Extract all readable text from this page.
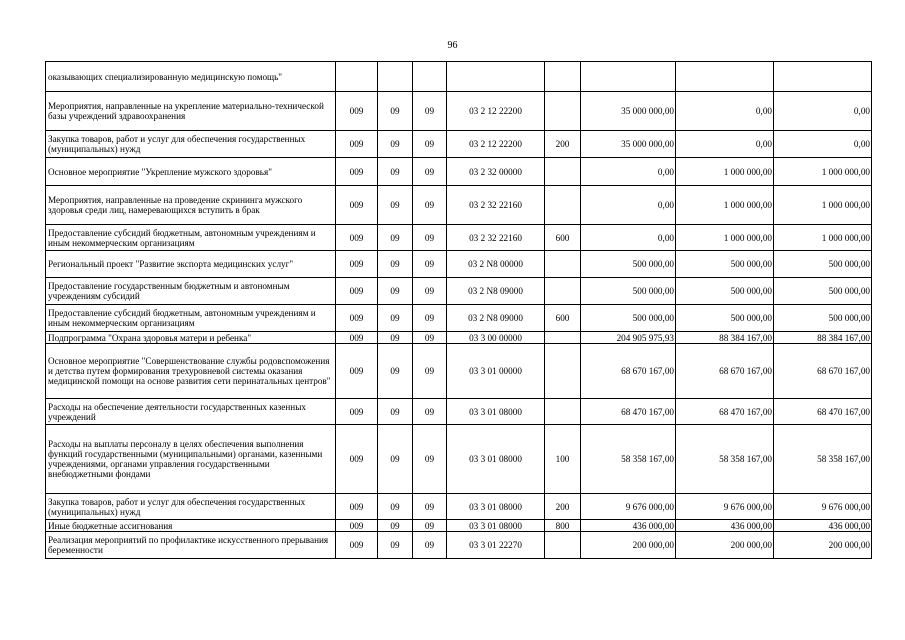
96
оказывающих специализированную медицинскую помощь"								
Мероприятия, направленные на укрепление материально-технической базы учреждений здравоохранения	009	09	09	03 2 12 22200		35 000 000,00	0,00	0,00
Закупка товаров, работ и услуг для обеспечения государственных (муниципальных) нужд	009	09	09	03 2 12 22200	200	35 000 000,00	0,00	0,00
Основное мероприятие "Укрепление мужского здоровья"	009	09	09	03 2 32 00000		0,00	1 000 000,00	1 000 000,00
Мероприятия, направленные на проведение скрининга мужского здоровья среди лиц, намеревающихся вступить в брак	009	09	09	03 2 32 22160		0,00	1 000 000,00	1 000 000,00
Предоставление субсидий бюджетным, автономным учреждениям и иным некоммерческим организациям	009	09	09	03 2 32 22160	600	0,00	1 000 000,00	1 000 000,00
Региональный проект "Развитие экспорта медицинских услуг"	009	09	09	03 2 N8 00000		500 000,00	500 000,00	500 000,00
Предоставление государственным бюджетным и автономным учреждениям субсидий	009	09	09	03 2 N8 09000		500 000,00	500 000,00	500 000,00
Предоставление субсидий бюджетным, автономным учреждениям и иным некоммерческим организациям	009	09	09	03 2 N8 09000	600	500 000,00	500 000,00	500 000,00
Подпрограмма "Охрана здоровья матери и ребенка"	009	09	09	03 3 00 00000		204 905 975,93	88 384 167,00	88 384 167,00
Основное мероприятие "Совершенствование службы родовспоможения и детства путем формирования трехуровневой системы оказания медицинской помощи на основе развития сети перинатальных центров"	009	09	09	03 3 01 00000		68 670 167,00	68 670 167,00	68 670 167,00
Расходы на обеспечение деятельности государственных казенных учреждений	009	09	09	03 3 01 08000		68 470 167,00	68 470 167,00	68 470 167,00
Расходы на выплаты персоналу в целях обеспечения выполнения функций государственными (муниципальными) органами, казенными учреждениями, органами управления государственными внебюджетными фондами	009	09	09	03 3 01 08000	100	58 358 167,00	58 358 167,00	58 358 167,00
Закупка товаров, работ и услуг для обеспечения государственных (муниципальных) нужд	009	09	09	03 3 01 08000	200	9 676 000,00	9 676 000,00	9 676 000,00
Иные бюджетные ассигнования	009	09	09	03 3 01 08000	800	436 000,00	436 000,00	436 000,00
Реализация мероприятий по профилактике искусственного прерывания беременности	009	09	09	03 3 01 22270		200 000,00	200 000,00	200 000,00
